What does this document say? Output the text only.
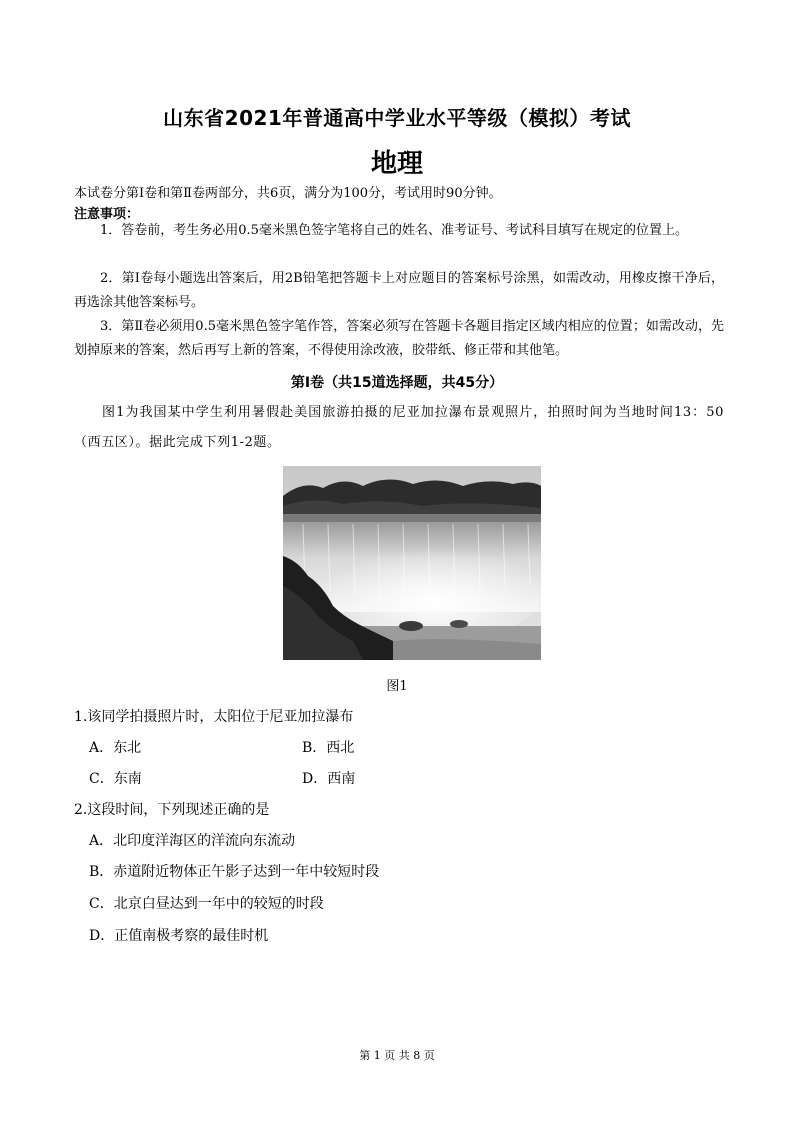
山东省2021年普通高中学业水平等级（模拟）考试
地理
本试卷分第Ⅰ卷和第Ⅱ卷两部分，共6页，满分为100分，考试用时90分钟。
注意事项：
1．答卷前，考生务必用0.5毫米黑色签字笔将自己的姓名、准考证号、考试科目填写在规定的位置上。
2．第Ⅰ卷每小题选出答案后，用2B铅笔把答题卡上对应题目的答案标号涂黑，如需改动，用橡皮擦干净后，再选涂其他答案标号。
3．第Ⅱ卷必须用0.5毫米黑色签字笔作答，答案必须写在答题卡各题目指定区域内相应的位置；如需改动，先划掉原来的答案，然后再写上新的答案，不得使用涂改液，胶带纸、修正带和其他笔。
第Ⅰ卷（共15道选择题，共45分）
图1为我国某中学生利用暑假赴美国旅游拍摄的尼亚加拉瀑布景观照片，拍照时间为当地时间13：50（西五区）。据此完成下列1-2题。
图1
1.该同学拍摄照片时，太阳位于尼亚加拉瀑布
A．东北	B．西北
C．东南	D．西南
2.这段时间，下列现述正确的是
A．北印度洋海区的洋流向东流动
B．赤道附近物体正午影子达到一年中较短时段
C．北京白昼达到一年中的较短的时段
D．正值南极考察的最佳时机
第 1 页 共 8 页
